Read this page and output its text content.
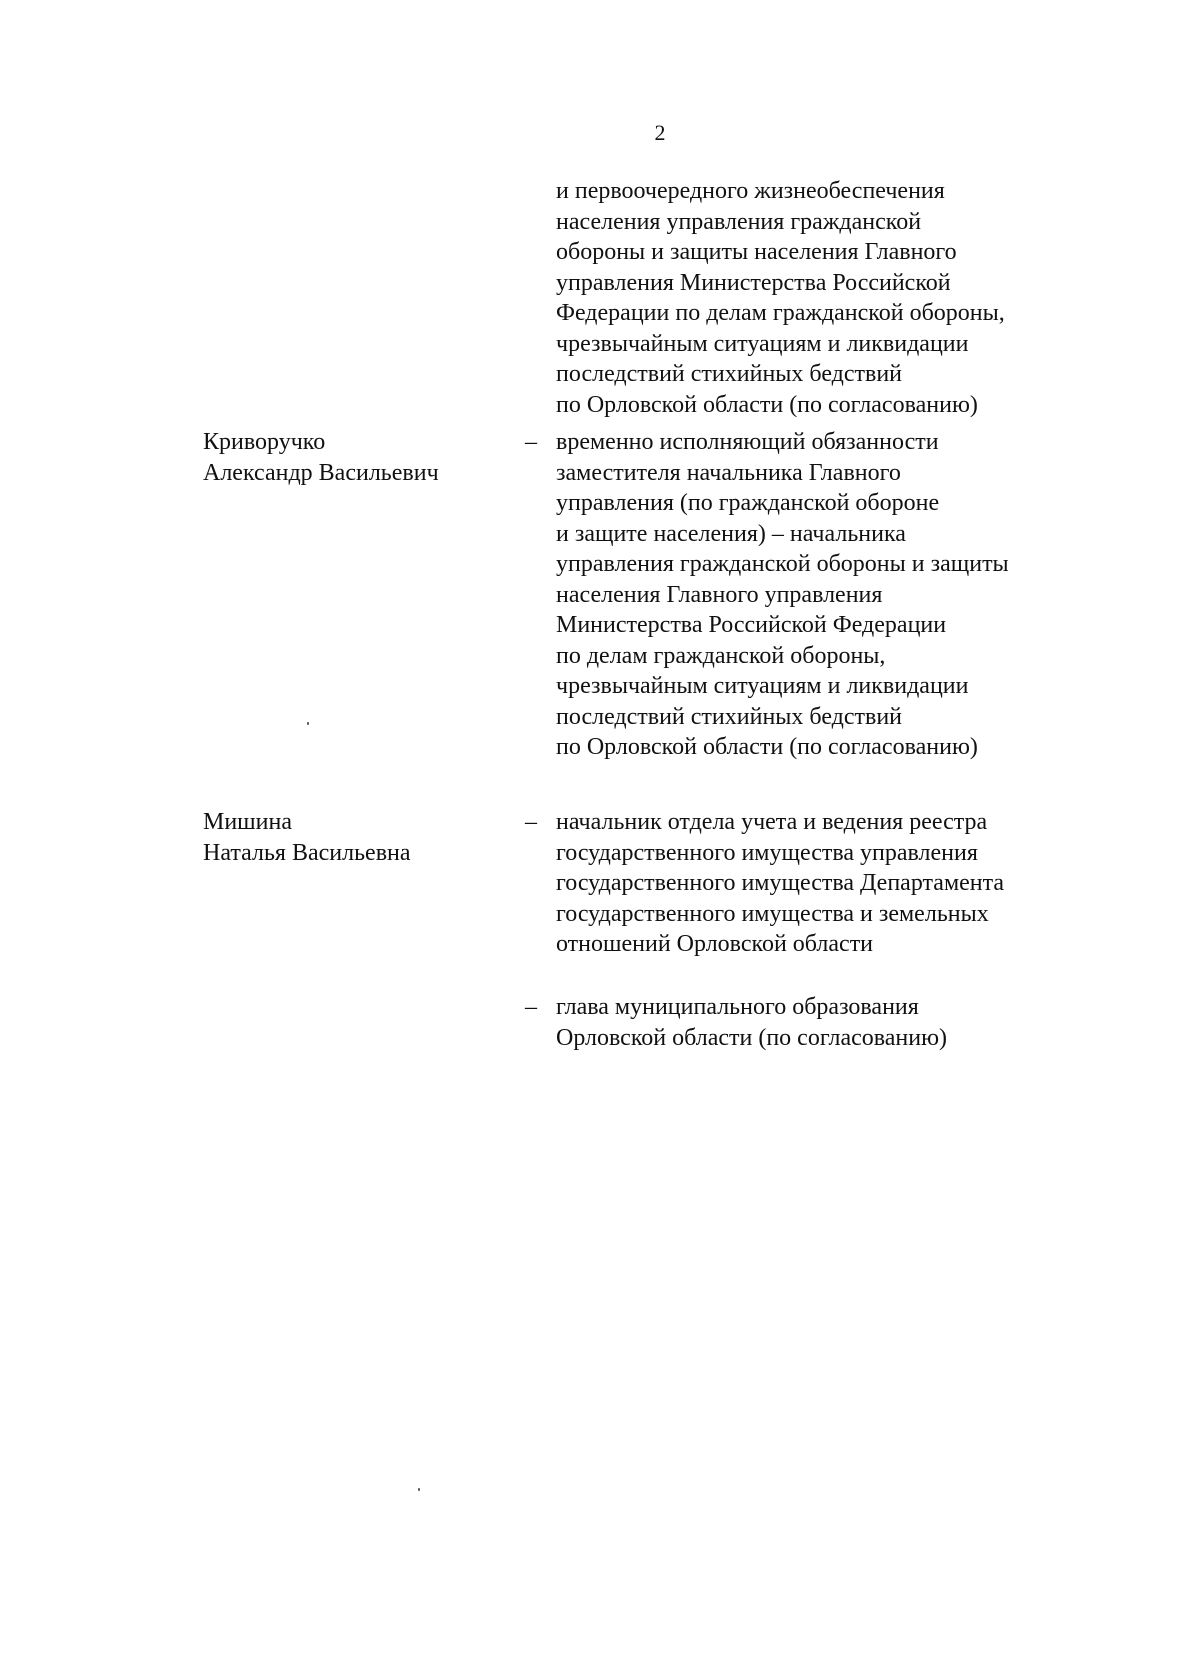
2
и первоочередного жизнеобеспечения
населения управления гражданской
обороны и защиты населения Главного
управления Министерства Российской
Федерации по делам гражданской обороны,
чрезвычайным ситуациям и ликвидации
последствий стихийных бедствий
по Орловской области (по согласованию)
Криворучко
Александр Васильевич
– временно исполняющий обязанности
заместителя начальника Главного
управления (по гражданской обороне
и защите населения) – начальника
управления гражданской обороны и защиты
населения Главного управления
Министерства Российской Федерации
по делам гражданской обороны,
чрезвычайным ситуациям и ликвидации
последствий стихийных бедствий
по Орловской области (по согласованию)
Мишина
Наталья Васильевна
– начальник отдела учета и ведения реестра
государственного имущества управления
государственного имущества Департамента
государственного имущества и земельных
отношений Орловской области
– глава муниципального образования
Орловской области (по согласованию)
